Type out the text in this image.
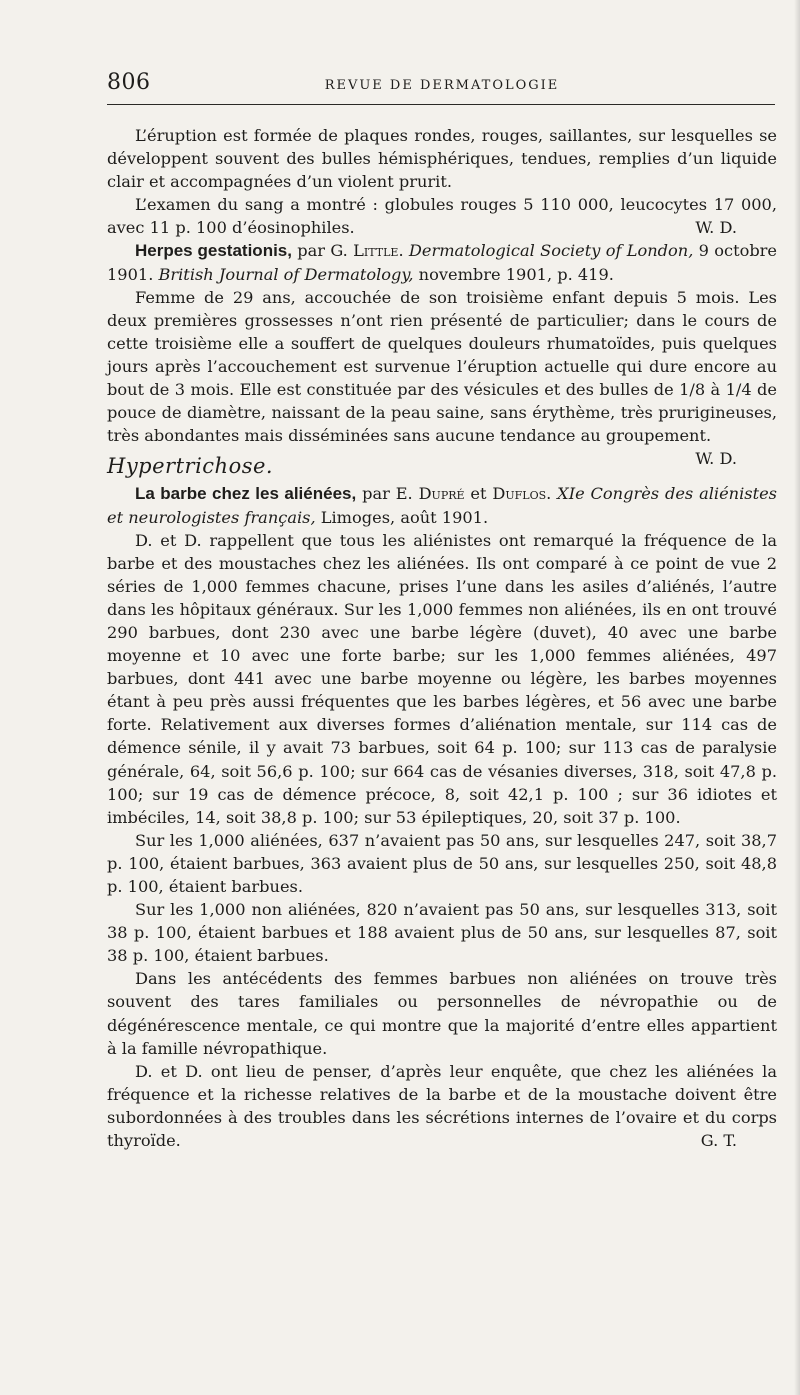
806	REVUE DE DERMATOLOGIE

L’éruption est formée de plaques rondes, rouges, saillantes, sur lesquelles se développent souvent des bulles hémisphériques, tendues, remplies d’un liquide clair et accompagnées d’un violent prurit.

L’examen du sang a montré : globules rouges 5 110 000, leucocytes 17 000, avec 11 p. 100 d’éosinophiles.	W. D.

Herpes gestationis, par G. Little. Dermatological Society of London, 9 octobre 1901. British Journal of Dermatology, novembre 1901, p. 419.

Femme de 29 ans, accouchée de son troisième enfant depuis 5 mois. Les deux premières grossesses n’ont rien présenté de particulier; dans le cours de cette troisième elle a souffert de quelques douleurs rhumatoïdes, puis quelques jours après l’accouchement est survenue l’éruption actuelle qui dure encore au bout de 3 mois. Elle est constituée par des vésicules et des bulles de 1/8 à 1/4 de pouce de diamètre, naissant de la peau saine, sans érythème, très prurigineuses, très abondantes mais disséminées sans aucune tendance au groupement.
W. D.

Hypertrichose.

La barbe chez les aliénées, par E. Dupré et Duflos. XIe Congrès des aliénistes et neurologistes français, Limoges, août 1901.

D. et D. rappellent que tous les aliénistes ont remarqué la fréquence de la barbe et des moustaches chez les aliénées. Ils ont comparé à ce point de vue 2 séries de 1,000 femmes chacune, prises l’une dans les asiles d’aliénés, l’autre dans les hôpitaux généraux. Sur les 1,000 femmes non aliénées, ils en ont trouvé 290 barbues, dont 230 avec une barbe légère (duvet), 40 avec une barbe moyenne et 10 avec une forte barbe; sur les 1,000 femmes aliénées, 497 barbues, dont 441 avec une barbe moyenne ou légère, les barbes moyennes étant à peu près aussi fréquentes que les barbes légères, et 56 avec une barbe forte. Relativement aux diverses formes d’aliénation mentale, sur 114 cas de démence sénile, il y avait 73 barbues, soit 64 p. 100; sur 113 cas de paralysie générale, 64, soit 56,6 p. 100; sur 664 cas de vésanies diverses, 318, soit 47,8 p. 100; sur 19 cas de démence précoce, 8, soit 42,1 p. 100 ; sur 36 idiotes et imbéciles, 14, soit 38,8 p. 100; sur 53 épileptiques, 20, soit 37 p. 100.

Sur les 1,000 aliénées, 637 n’avaient pas 50 ans, sur lesquelles 247, soit 38,7 p. 100, étaient barbues, 363 avaient plus de 50 ans, sur lesquelles 250, soit 48,8 p. 100, étaient barbues.

Sur les 1,000 non aliénées, 820 n’avaient pas 50 ans, sur lesquelles 313, soit 38 p. 100, étaient barbues et 188 avaient plus de 50 ans, sur lesquelles 87, soit 38 p. 100, étaient barbues.

Dans les antécédents des femmes barbues non aliénées on trouve très souvent des tares familiales ou personnelles de névropathie ou de dégénérescence mentale, ce qui montre que la majorité d’entre elles appartient à la famille névropathique.

D. et D. ont lieu de penser, d’après leur enquête, que chez les aliénées la fréquence et la richesse relatives de la barbe et de la moustache doivent être subordonnées à des troubles dans les sécrétions internes de l’ovaire et du corps thyroïde.	G. T.
